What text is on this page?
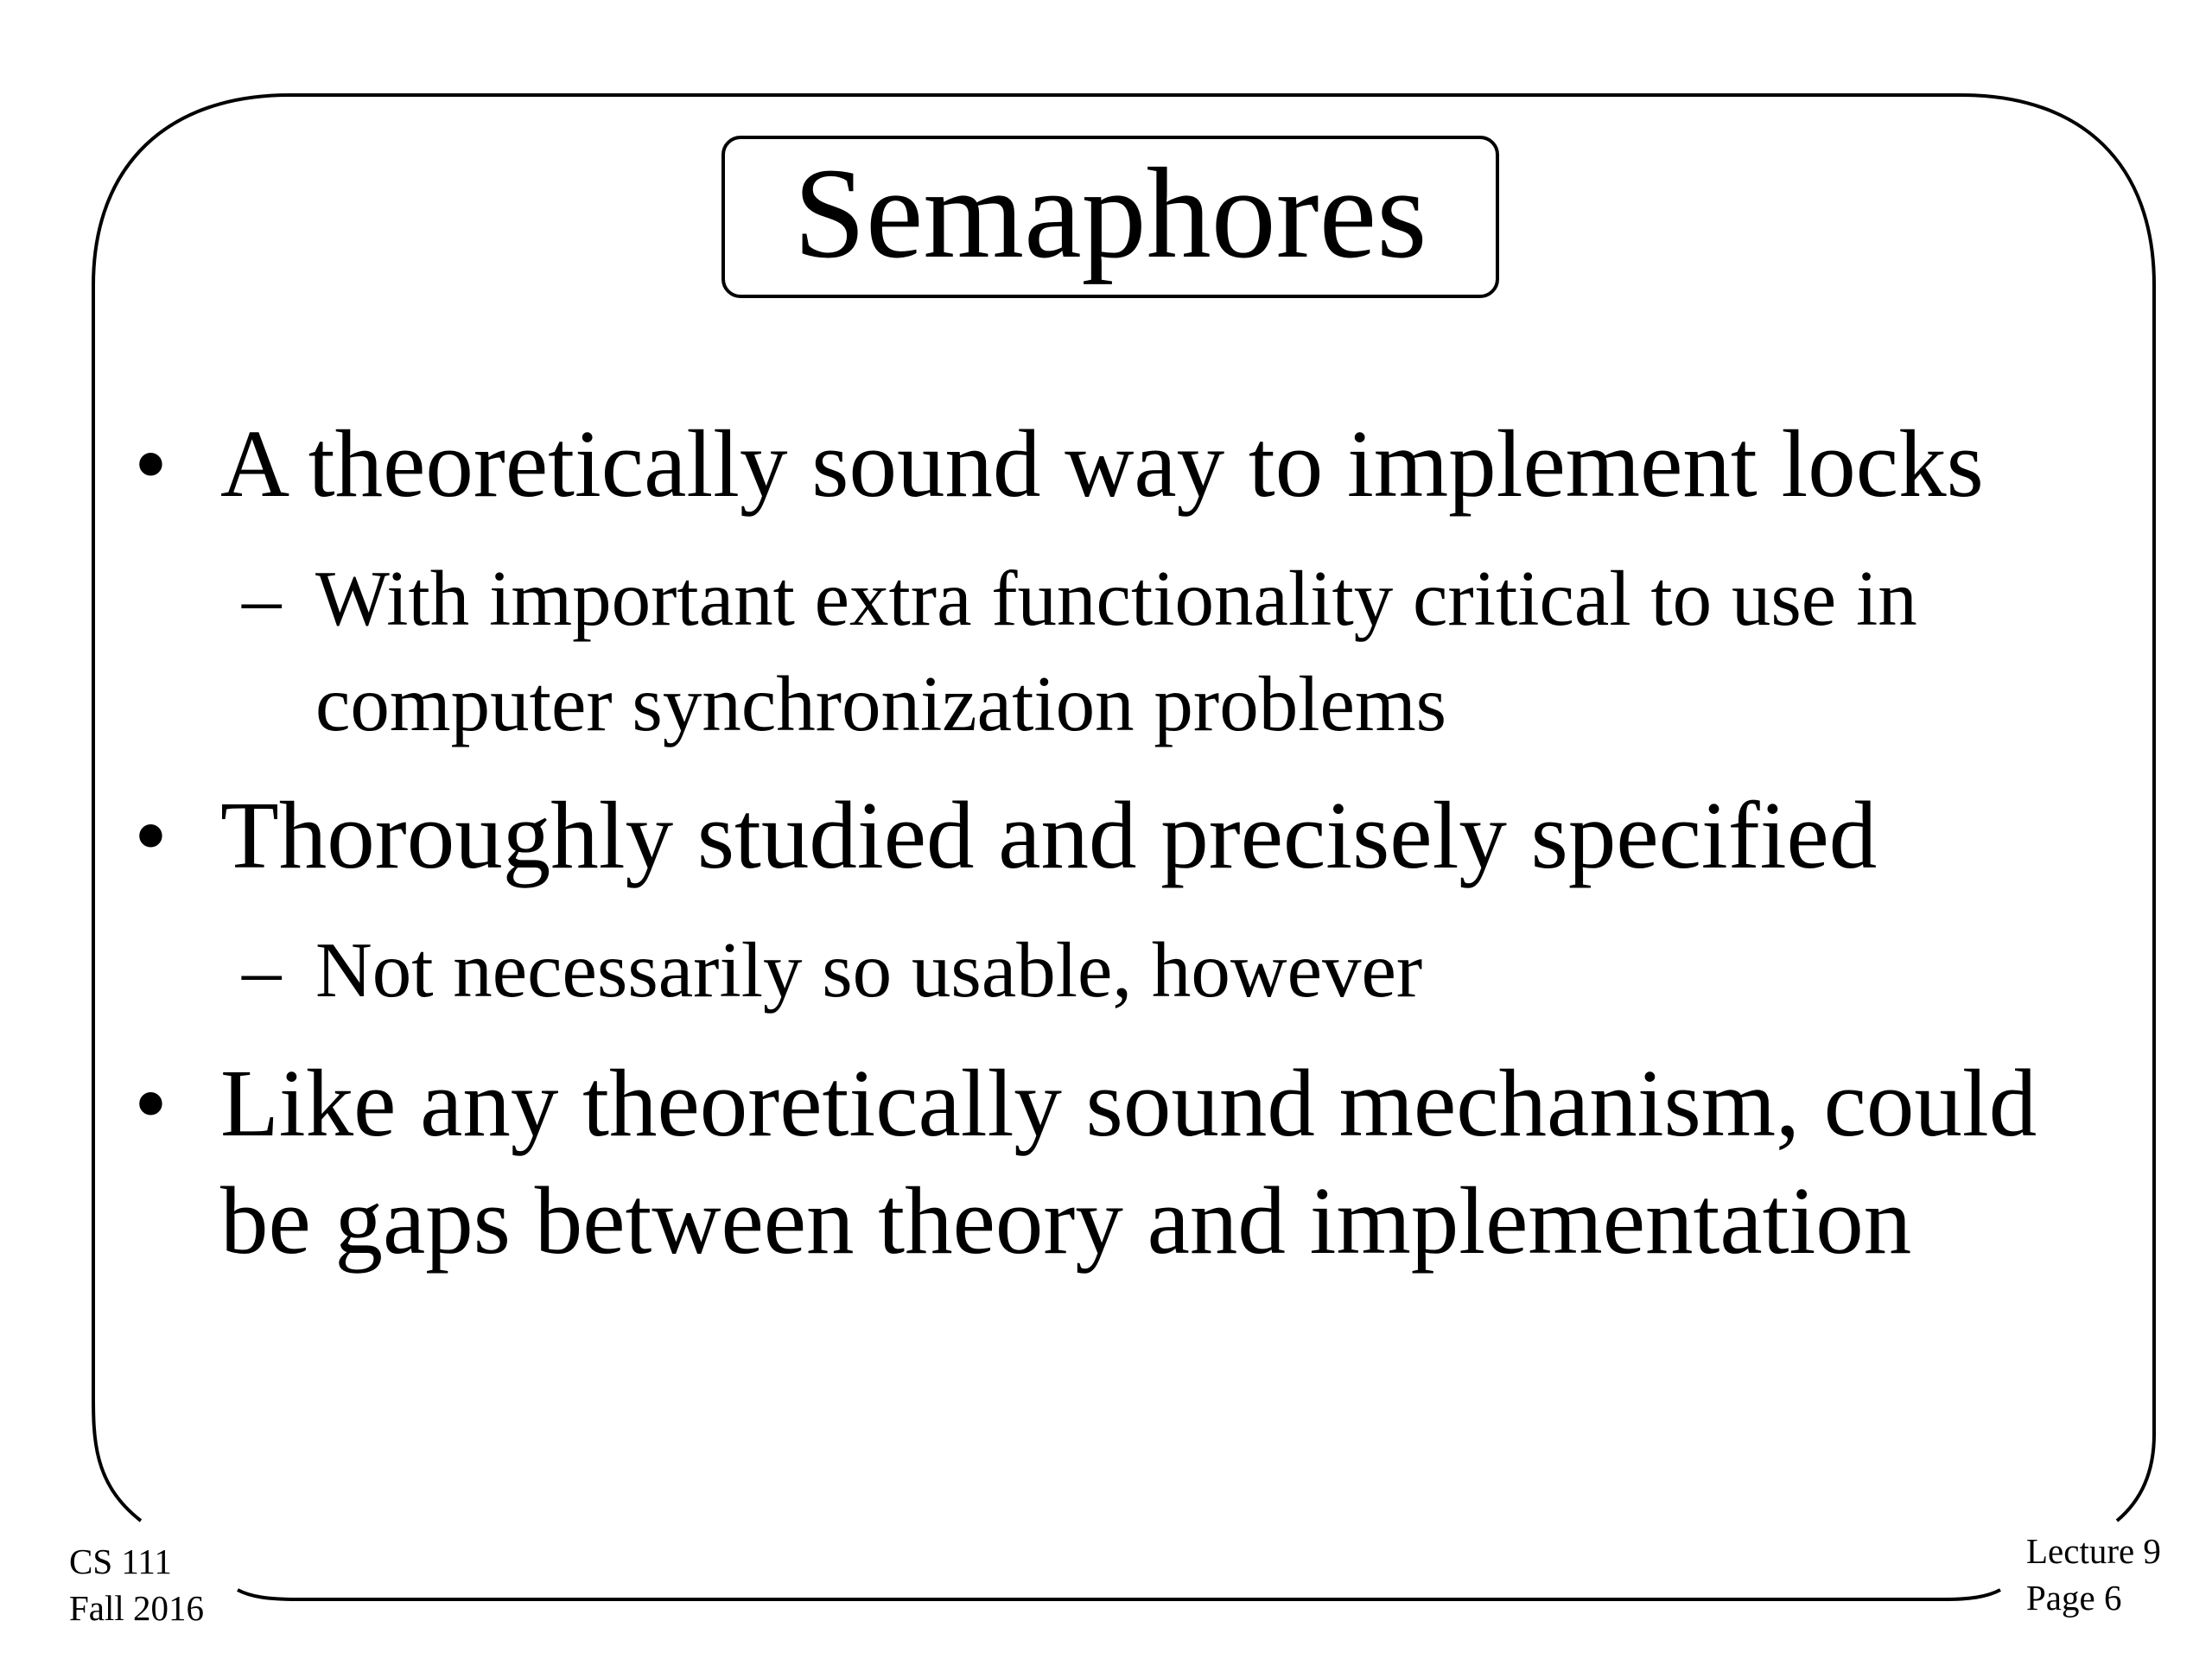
Semaphores
• A theoretically sound way to implement locks
– With important extra functionality critical to use in computer synchronization problems
• Thoroughly studied and precisely specified
– Not necessarily so usable, however
• Like any theoretically sound mechanism, could be gaps between theory and implementation
CS 111
Fall 2016
Lecture 9
Page 6
